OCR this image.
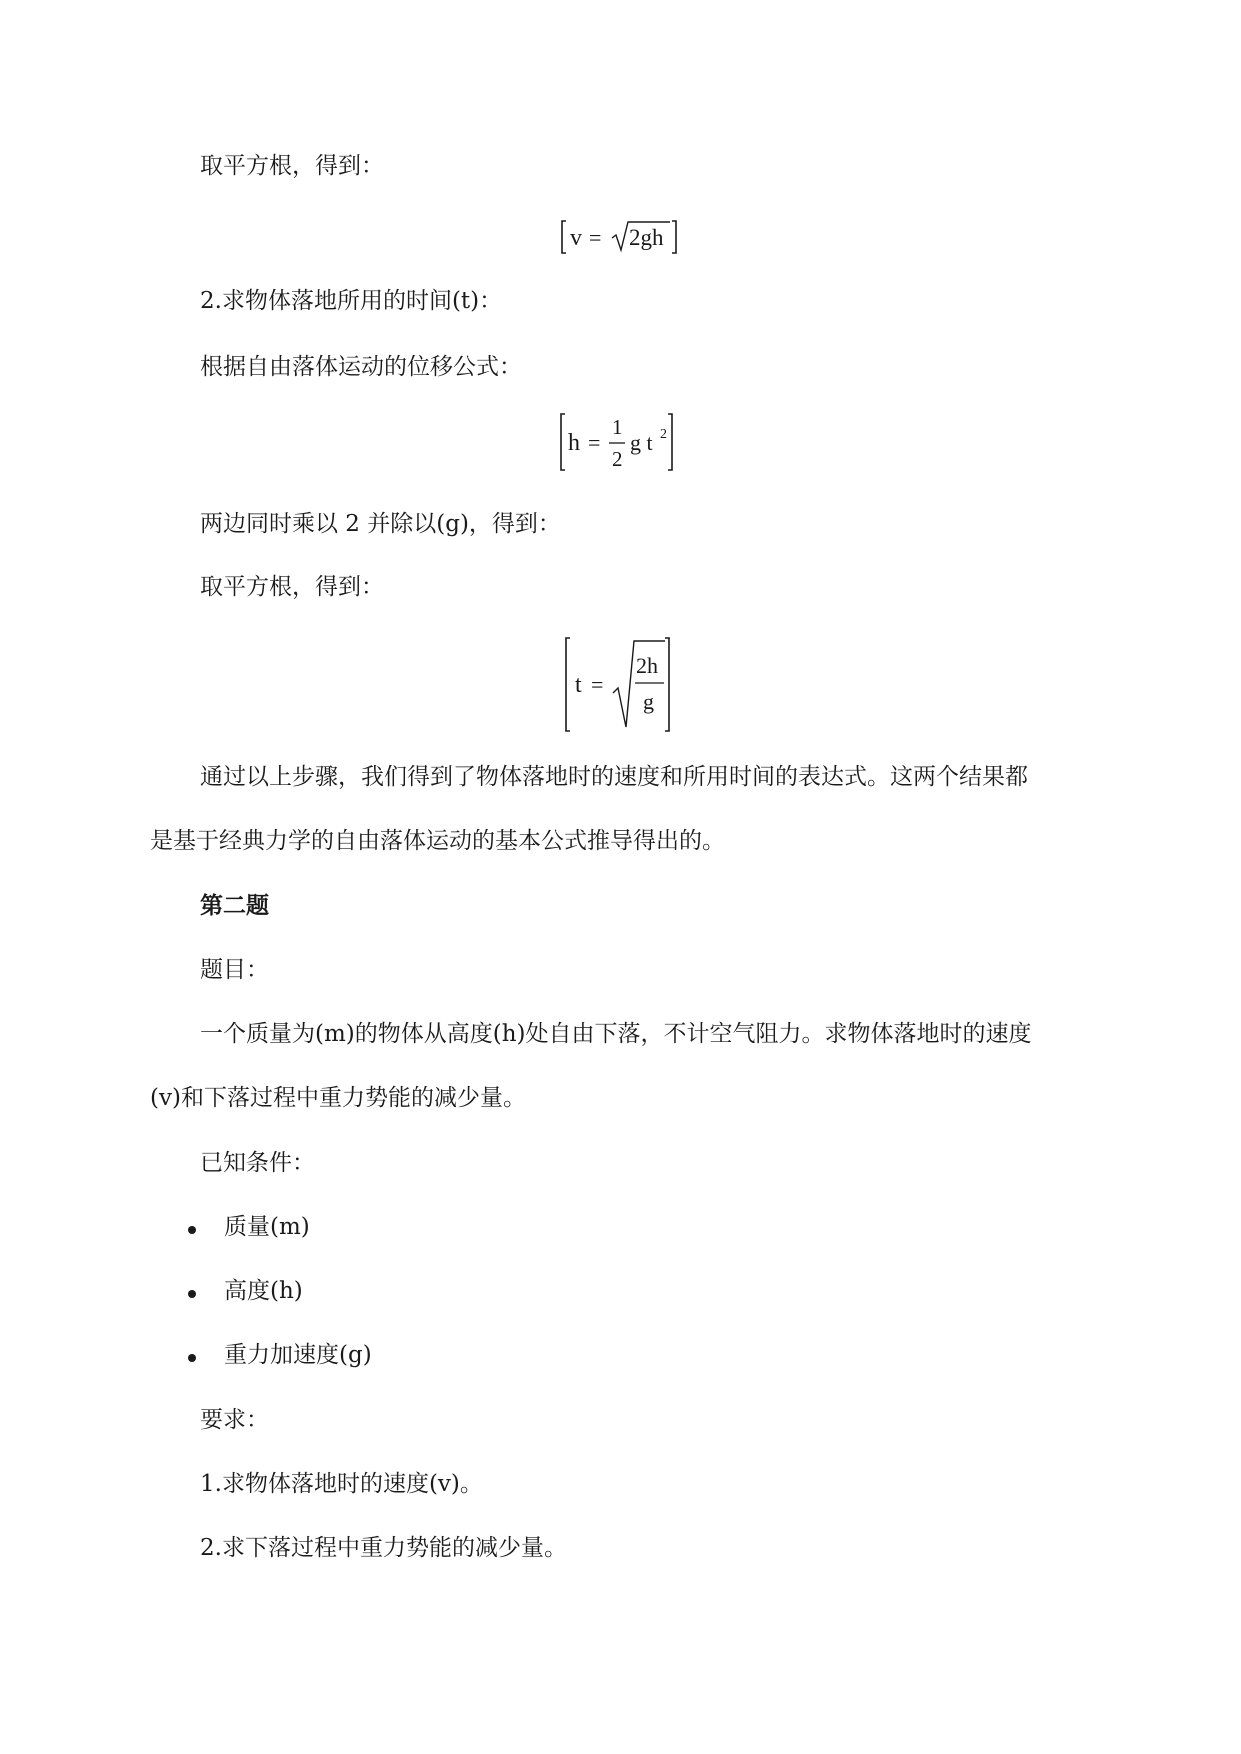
取平方根，得到：
v = 2gh
2.求物体落地所用的时间(t)：
根据自由落体运动的位移公式：
h =
1
2
g t 2
两边同时乘以 2 并除以(g)，得到：
取平方根，得到：
t =
2h
g
通过以上步骤，我们得到了物体落地时的速度和所用时间的表达式。这两个结果都
是基于经典力学的自由落体运动的基本公式推导得出的。
第二题
题目：
一个质量为(m)的物体从高度(h)处自由下落，不计空气阻力。求物体落地时的速度
(v)和下落过程中重力势能的减少量。
已知条件：
质量(m)
高度(h)
重力加速度(g)
要求：
1.求物体落地时的速度(v)。
2.求下落过程中重力势能的减少量。
